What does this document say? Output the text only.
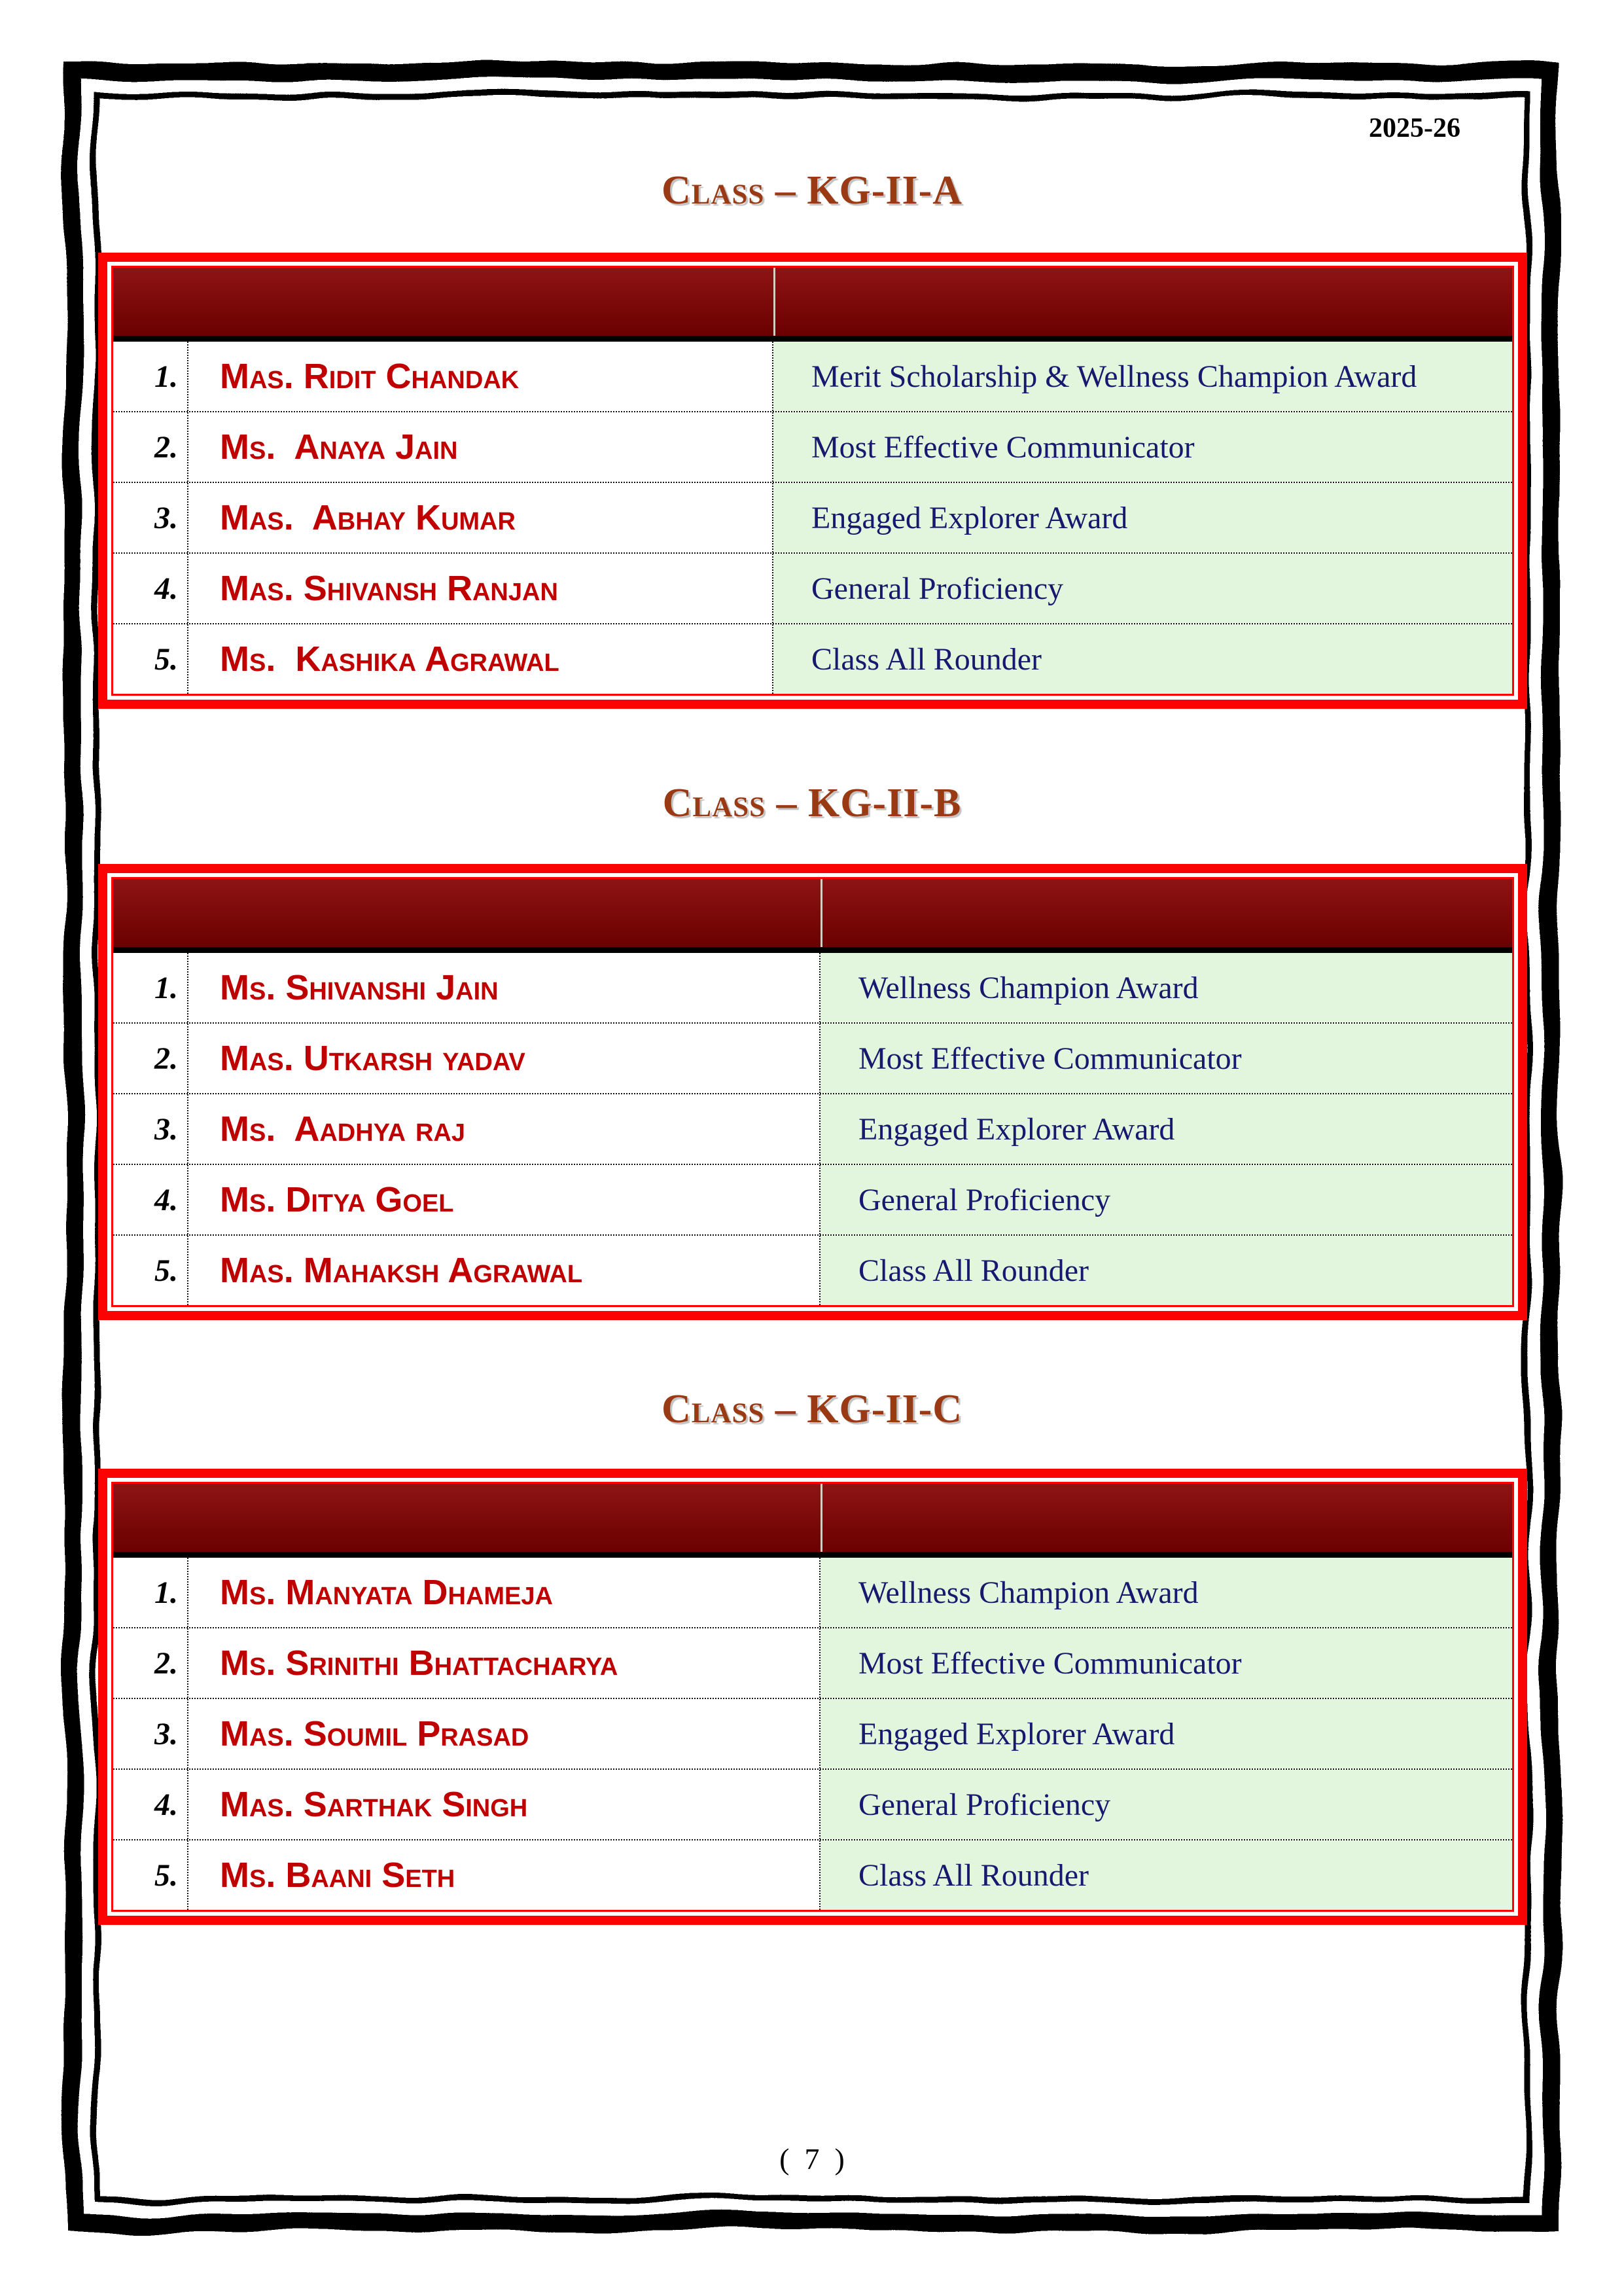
2025-26
Class – KG-II-A
1.	Mas. Ridit Chandak	Merit Scholarship & Wellness Champion Award
2.	Ms.  Anaya Jain	Most Effective Communicator
3.	Mas.  Abhay Kumar	Engaged Explorer Award
4.	Mas. Shivansh Ranjan	General Proficiency
5.	Ms.  Kashika Agrawal	Class All Rounder
Class – KG-II-B
1.	Ms. Shivanshi Jain	Wellness Champion Award
2.	Mas. Utkarsh yadav	Most Effective Communicator
3.	Ms.  Aadhya raj	Engaged Explorer Award
4.	Ms. Ditya Goel	General Proficiency
5.	Mas. Mahaksh Agrawal	Class All Rounder
Class – KG-II-C
1.	Ms. Manyata Dhameja	Wellness Champion Award
2.	Ms. Srinithi Bhattacharya	Most Effective Communicator
3.	Mas. Soumil Prasad	Engaged Explorer Award
4.	Mas. Sarthak Singh	General Proficiency
5.	Ms. Baani Seth	Class All Rounder
(  7  )
